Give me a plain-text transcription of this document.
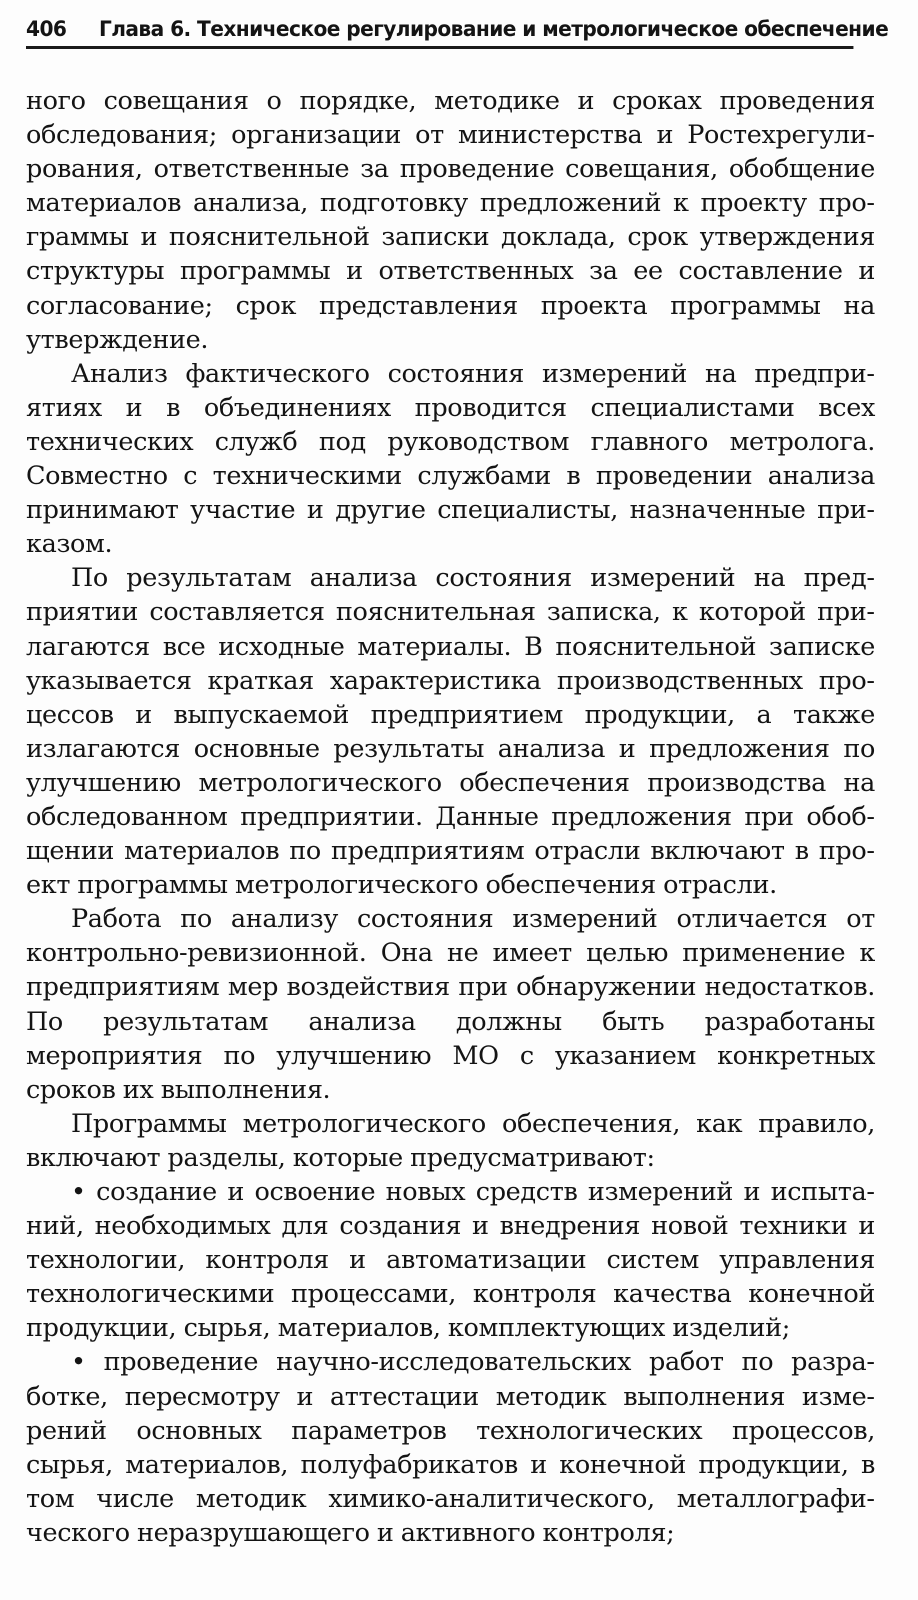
406 Глава 6. Техническое регулирование и метрологическое обеспечение

ного совещания о порядке, методике и сроках проведения обследования; организации от министерства и Ростехрегулирования, ответственные за проведение совещания, обобщение материалов анализа, подготовку предложений к проекту программы и пояснительной записки доклада, срок утверждения структуры программы и ответственных за ее составление и согласование; срок представления проекта программы на утверждение.

Анализ фактического состояния измерений на предприятиях и в объединениях проводится специалистами всех технических служб под руководством главного метролога. Совместно с техническими службами в проведении анализа принимают участие и другие специалисты, назначенные приказом.

По результатам анализа состояния измерений на предприятии составляется пояснительная записка, к которой прилагаются все исходные материалы. В пояснительной записке указывается краткая характеристика производственных процессов и выпускаемой предприятием продукции, а также излагаются основные результаты анализа и предложения по улучшению метрологического обеспечения производства на обследованном предприятии. Данные предложения при обобщении материалов по предприятиям отрасли включают в проект программы метрологического обеспечения отрасли.

Работа по анализу состояния измерений отличается от контрольно-ревизионной. Она не имеет целью применение к предприятиям мер воздействия при обнаружении недостатков. По результатам анализа должны быть разработаны мероприятия по улучшению МО с указанием конкретных сроков их выполнения.

Программы метрологического обеспечения, как правило, включают разделы, которые предусматривают:

• создание и освоение новых средств измерений и испытаний, необходимых для создания и внедрения новой техники и технологии, контроля и автоматизации систем управления технологическими процессами, контроля качества конечной продукции, сырья, материалов, комплектующих изделий;

• проведение научно-исследовательских работ по разработке, пересмотру и аттестации методик выполнения измерений основных параметров технологических процессов, сырья, материалов, полуфабрикатов и конечной продукции, в том числе методик химико-аналитического, металлографического неразрушающего и активного контроля;
